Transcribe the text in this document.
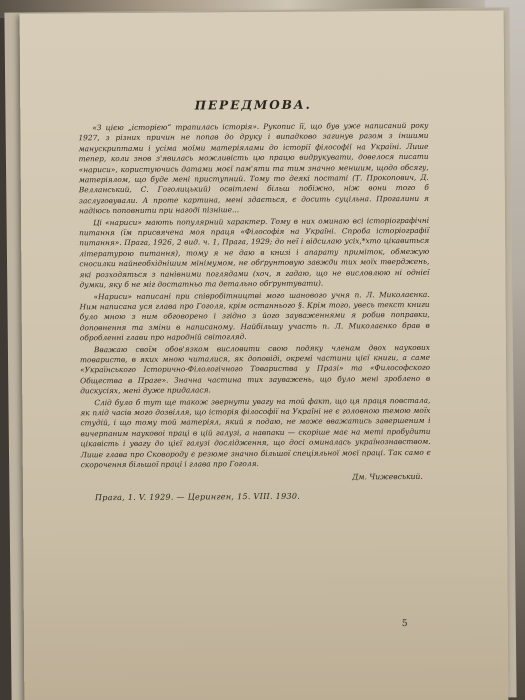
ПЕРЕДМОВА.

«З цією „історією“ трапилась історія». Рукопис її, що був уже написаний року 1927, з різних причин не попав до друку і випадково загинув разом з іншими манускриптами і усіма моїми матеріялами до історії філософії на Україні. Лише тепер, коли знов з'явилась можливість цю працю видрукувати, довелося писати «нариси», користуючись датами моєї пам'яти та тим значно меншим, щодо обсягу, матеріялом, що буде мені приступний. Тому то деякі постаті (Т. Прокопович, Д. Велланський, С. Гоголицький) освітлені більш побіжно, ніж вони того б заслуговували. А проте картина, мені здається, є досить суцільна. Прогалини я надіюсь поповнити при нагоді пізніше...

Ці «нариси» мають популярний характер. Тому в них оминаю всі історіографічні питання (їм присвячена моя праця «Філософія на Україні. Спроба історіографії питання». Прага, 1926, 2 вид. ч. 1, Прага, 1929; до неї і відсилаю усіх,*хто цікавиться літературою питання), тому я не даю в книзі і апарату приміток, обмежую сносилки найнеобхіднішим мінімумом, не обґрунтовую завжди тих моїх тверджень, які розходяться з панівними поглядами (хоч, я гадаю, що не висловлюю ні однієї думки, яку б не міг достатньо та детально обґрунтувати).

«Нариси» написані при співробітництві мого шанового учня п. Л. Миколаєнка. Ним написана уся глава про Гоголя, крім останнього §. Крім того, увесь текст книги було мною з ним обговорено і згідно з його зауваженнями я робив поправки, доповнення та зміни в написаному. Найбільшу участь п. Л. Миколаєнко брав в обробленні глави про народній світогляд.

Вважаю своїм обов'язком висловити свою подяку членам двох наукових товариств, в яких мною читалися, як доповіді, окремі частини цієї книги, а саме «Українського Історично-Філологічного Товариства у Празі» та «Философского Общества в Праге». Значна частина тих зауважень, що було мені зроблено в дискусіях, мені дуже придалася.

Слід було б тут ще також звернути увагу на той факт, що ця праця повстала, як плід часів мого дозвілля, що історія філософії на Україні не є головною темою моїх студій, і що тому той матеріял, який я подаю, не може вважатись завершеним і вичерпаним науковоі праці в цій галузі, а навпаки — скоріше має на меті пробудити цікавість і увагу до цієї галузі дослідження, що досі оминалась українознавством. Лише глава про Сковороду є резюме значно більшої спеціяльної моєї праці. Так само є скорочення більшої праці і глава про Гоголя.

Дм. Чижевський.
Прага, 1. V. 1929. — Церинген, 15. VIII. 1930.
5
